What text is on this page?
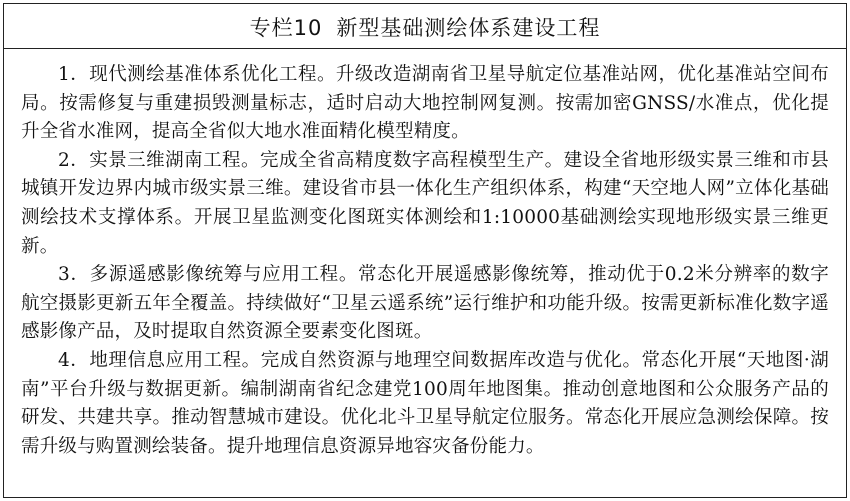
专栏10 新型基础测绘体系建设工程

1．现代测绘基准体系优化工程。升级改造湖南省卫星导航定位基准站网，优化基准站空间布局。按需修复与重建损毁测量标志，适时启动大地控制网复测。按需加密GNSS/水准点，优化提升全省水准网，提高全省似大地水准面精化模型精度。

2．实景三维湖南工程。完成全省高精度数字高程模型生产。建设全省地形级实景三维和市县城镇开发边界内城市级实景三维。建设省市县一体化生产组织体系，构建“天空地人网”立体化基础测绘技术支撑体系。开展卫星监测变化图斑实体测绘和1:10000基础测绘实现地形级实景三维更新。

3．多源遥感影像统筹与应用工程。常态化开展遥感影像统筹，推动优于0.2米分辨率的数字航空摄影更新五年全覆盖。持续做好“卫星云遥系统”运行维护和功能升级。按需更新标准化数字遥感影像产品，及时提取自然资源全要素变化图斑。

4．地理信息应用工程。完成自然资源与地理空间数据库改造与优化。常态化开展“天地图·湖南”平台升级与数据更新。编制湖南省纪念建党100周年地图集。推动创意地图和公众服务产品的研发、共建共享。推动智慧城市建设。优化北斗卫星导航定位服务。常态化开展应急测绘保障。按需升级与购置测绘装备。提升地理信息资源异地容灾备份能力。
